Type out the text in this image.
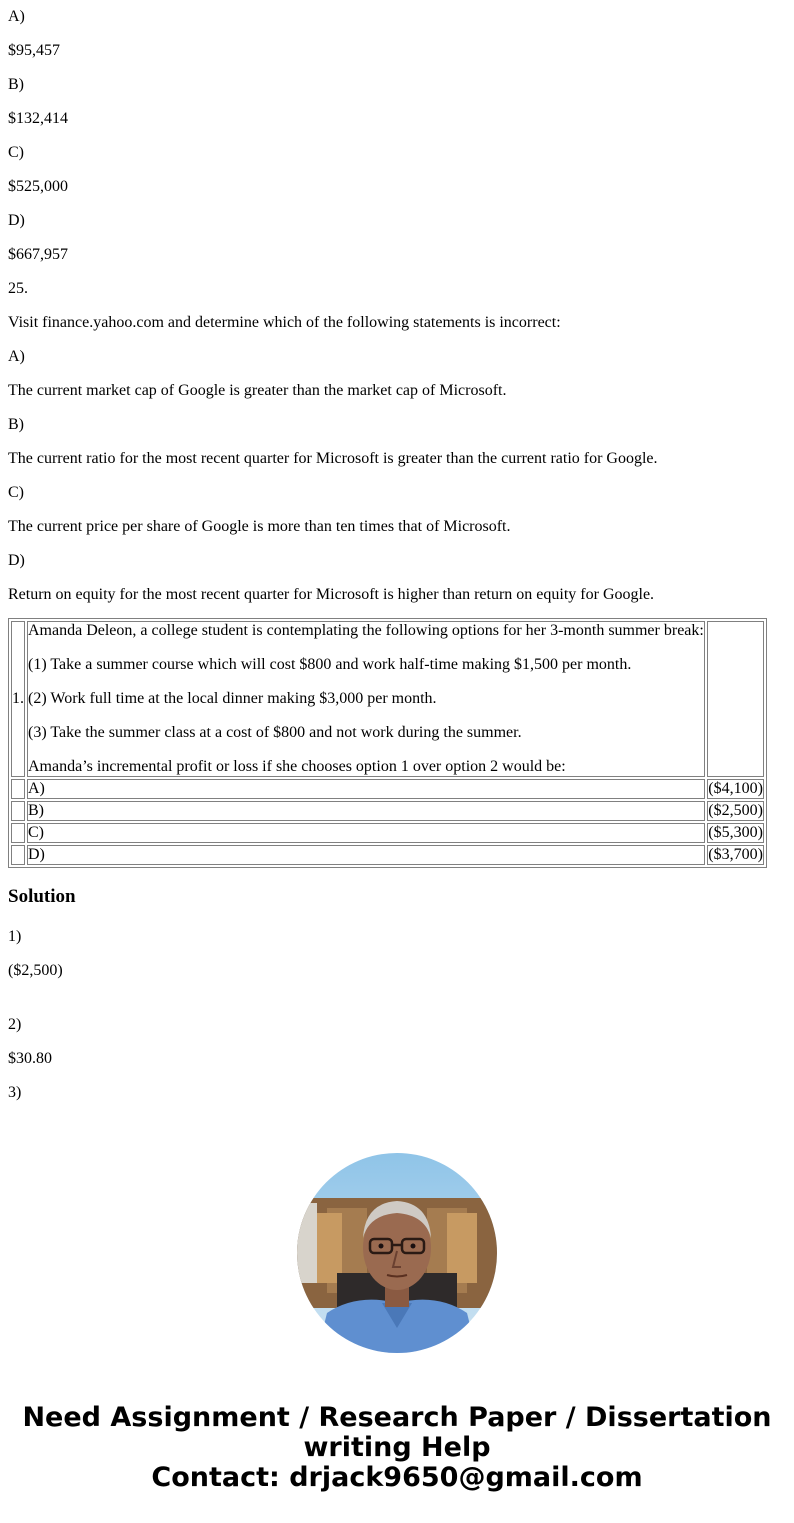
A)

$95,457

B)

$132,414

C)

$525,000

D)

$667,957

25.

Visit finance.yahoo.com and determine which of the following statements is incorrect:

A)

The current market cap of Google is greater than the market cap of Microsoft.

B)

The current ratio for the most recent quarter for Microsoft is greater than the current ratio for Google.

C)

The current price per share of Google is more than ten times that of Microsoft.

D)

Return on equity for the most recent quarter for Microsoft is higher than return on equity for Google.

1.	Amanda Deleon, a college student is contemplating the following options for her 3-month summer break:

(1) Take a summer course which will cost $800 and work half-time making $1,500 per month.

(2) Work full time at the local dinner making $3,000 per month.

(3) Take the summer class at a cost of $800 and not work during the summer.

Amanda’s incremental profit or loss if she chooses option 1 over option 2 would be:	

	A)	($4,100)
	B)	($2,500)
	C)	($5,300)
	D)	($3,700)
Solution

1)

($2,500)

2)

$30.80

3)

Need Assignment / Research Paper / Dissertation
writing Help
Contact: drjack9650@gmail.com
